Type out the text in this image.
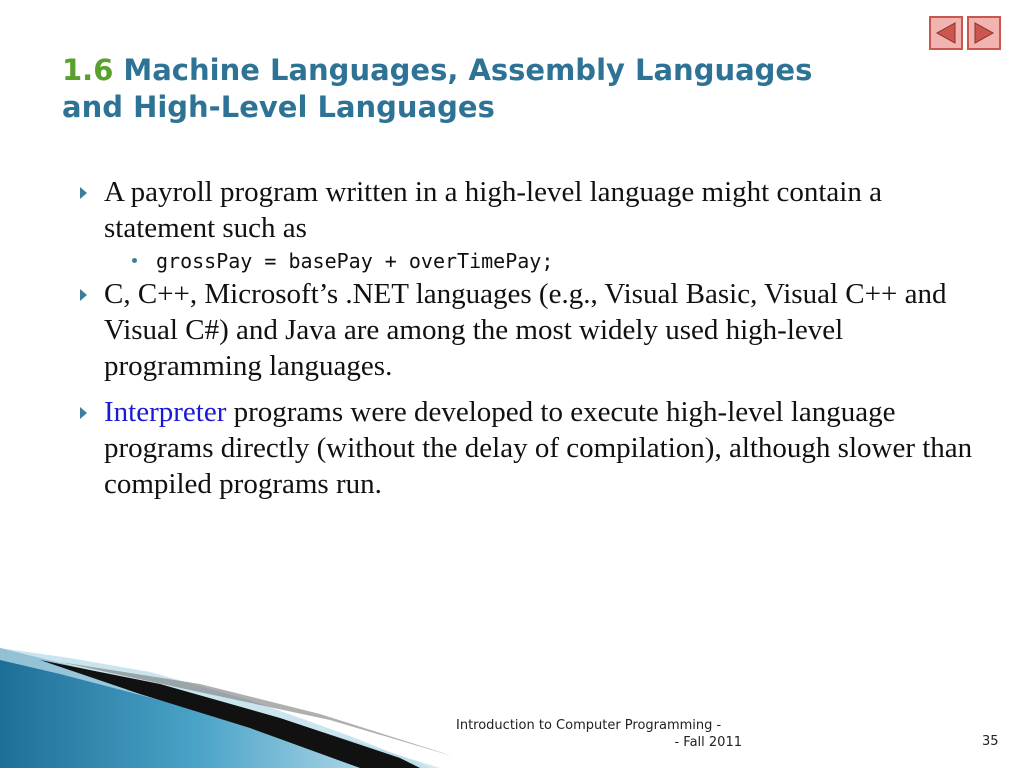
1.6 Machine Languages, Assembly Languages
and High-Level Languages
A payroll program written in a high-level language might contain a statement such as
grossPay = basePay + overTimePay;
C, C++, Microsoft’s .NET languages (e.g., Visual Basic, Visual C++ and Visual C#) and Java are among the most widely used high-level programming languages.
Interpreter programs were developed to execute high-level language programs directly (without the delay of compilation), although slower than compiled programs run.
Introduction to Computer Programming -
- Fall 2011	35
